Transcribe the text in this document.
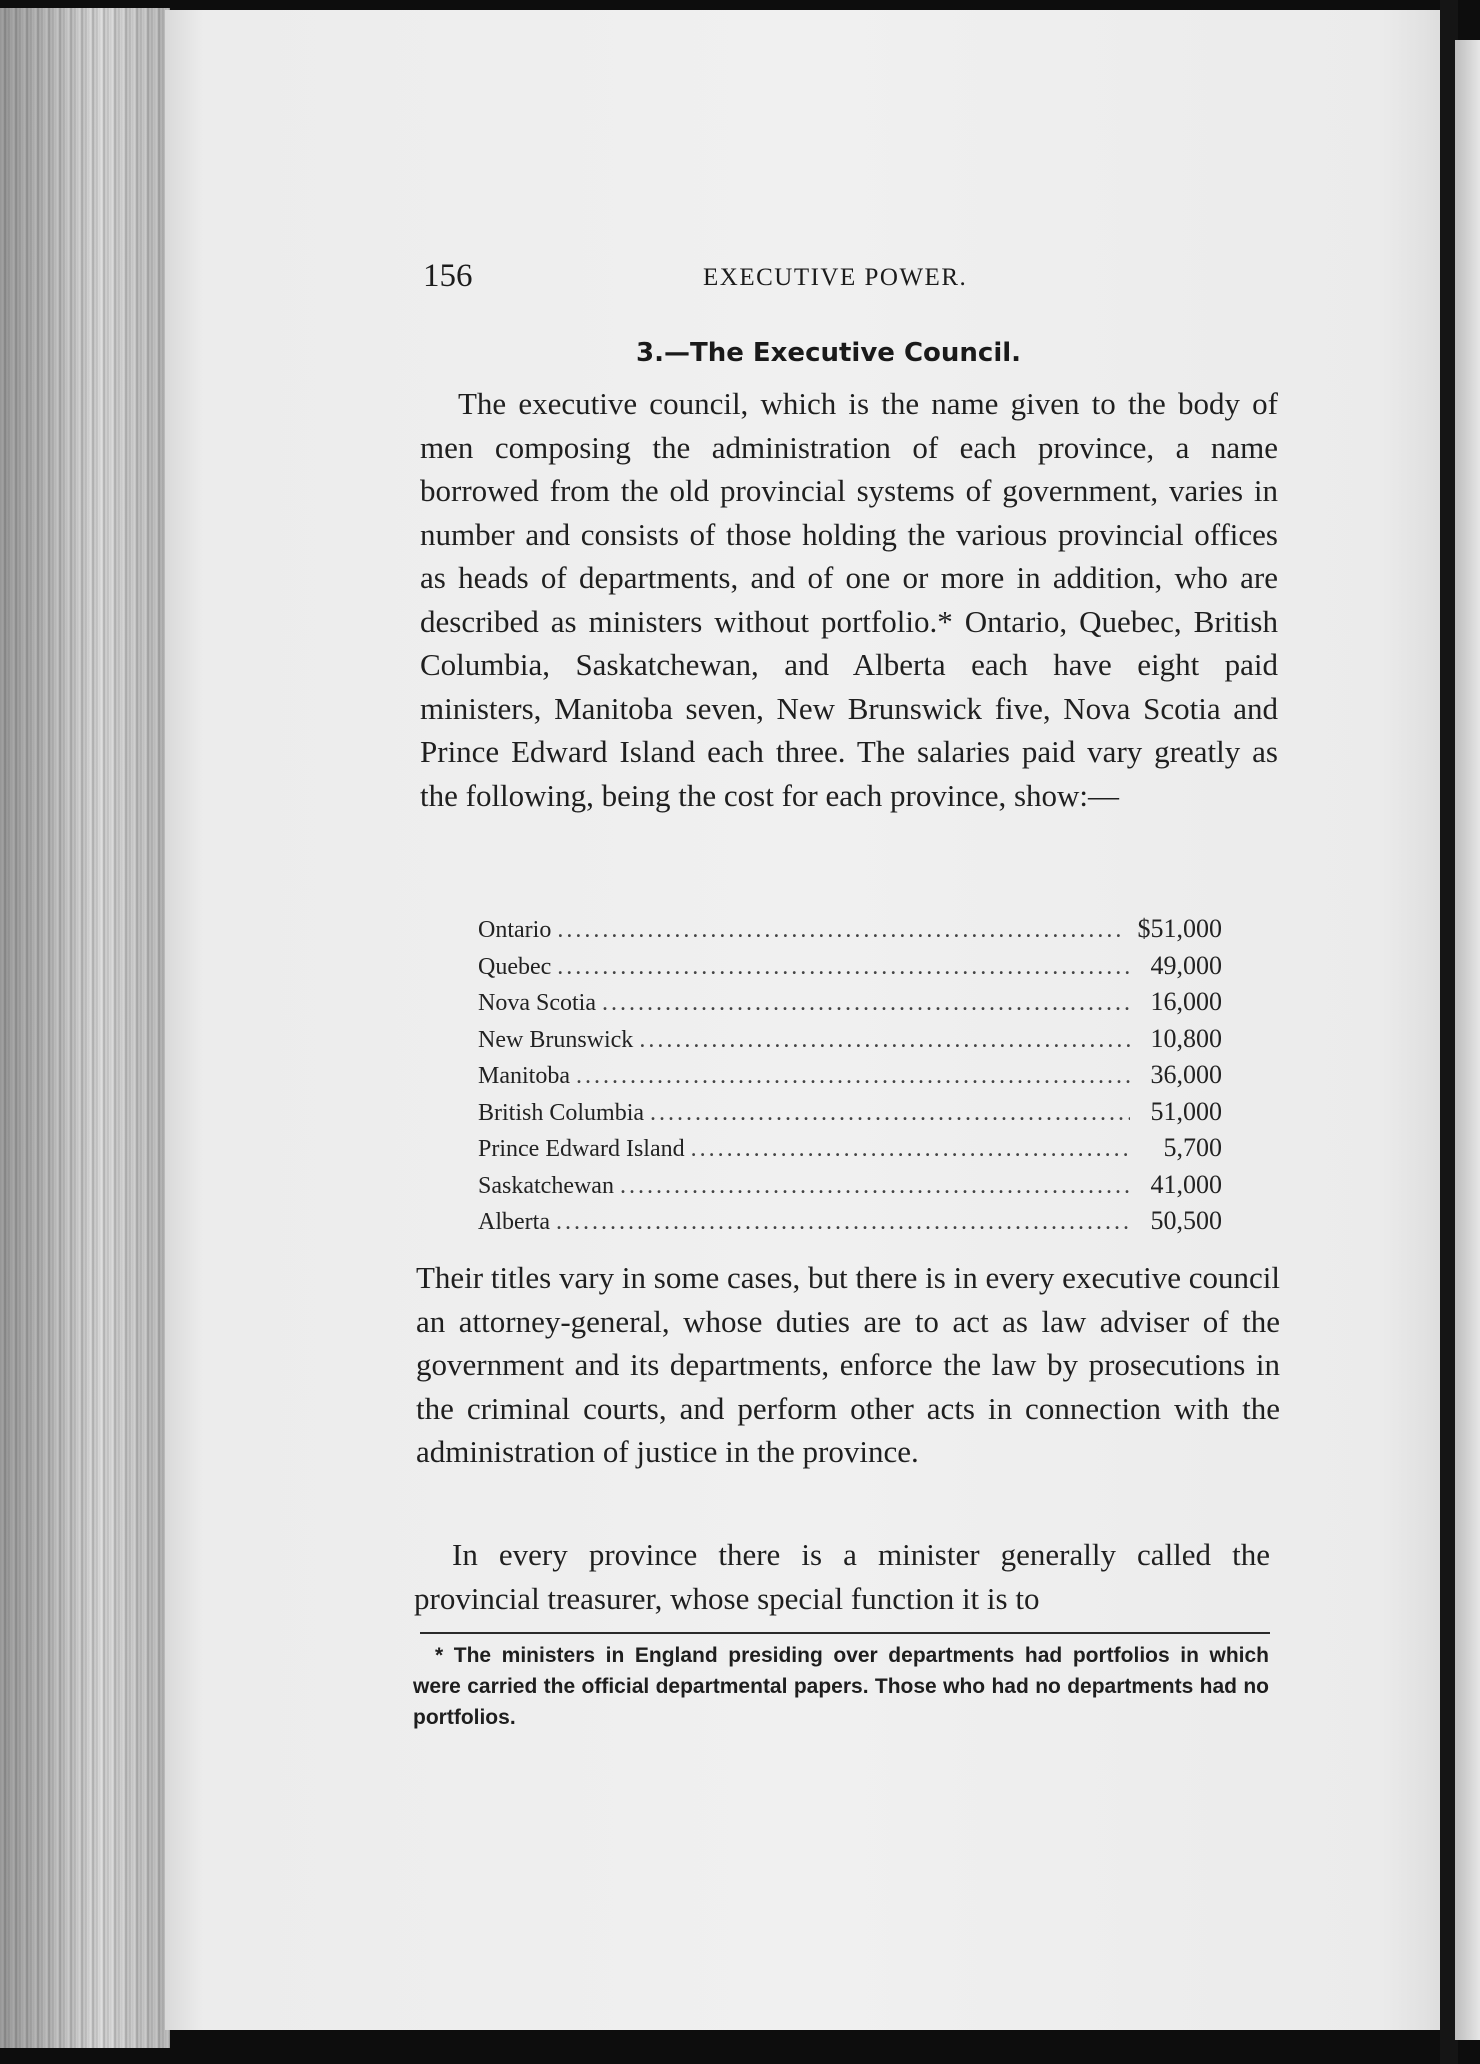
156	EXECUTIVE POWER.
3.—The Executive Council.

The executive council, which is the name given to the body of men composing the administration of each province, a name borrowed from the old provincial systems of government, varies in number and consists of those holding the various provincial offices as heads of departments, and of one or more in addition, who are described as ministers without portfolio.* Ontario, Quebec, British Columbia, Saskatchewan, and Alberta each have eight paid ministers, Manitoba seven, New Brunswick five, Nova Scotia and Prince Edward Island each three. The salaries paid vary greatly as the following, being the cost for each province, show:—

Ontario .....	$51,000
Quebec .....	49,000
Nova Scotia .....	16,000
New Brunswick .....	10,800
Manitoba .....	36,000
British Columbia .....	51,000
Prince Edward Island .....	5,700
Saskatchewan .....	41,000
Alberta .....	50,500

Their titles vary in some cases, but there is in every executive council an attorney-general, whose duties are to act as law adviser of the government and its departments, enforce the law by prosecutions in the criminal courts, and perform other acts in connection with the administration of justice in the province.

In every province there is a minister generally called the provincial treasurer, whose special function it is to

* The ministers in England presiding over departments had portfolios in which were carried the official departmental papers. Those who had no departments had no portfolios.
